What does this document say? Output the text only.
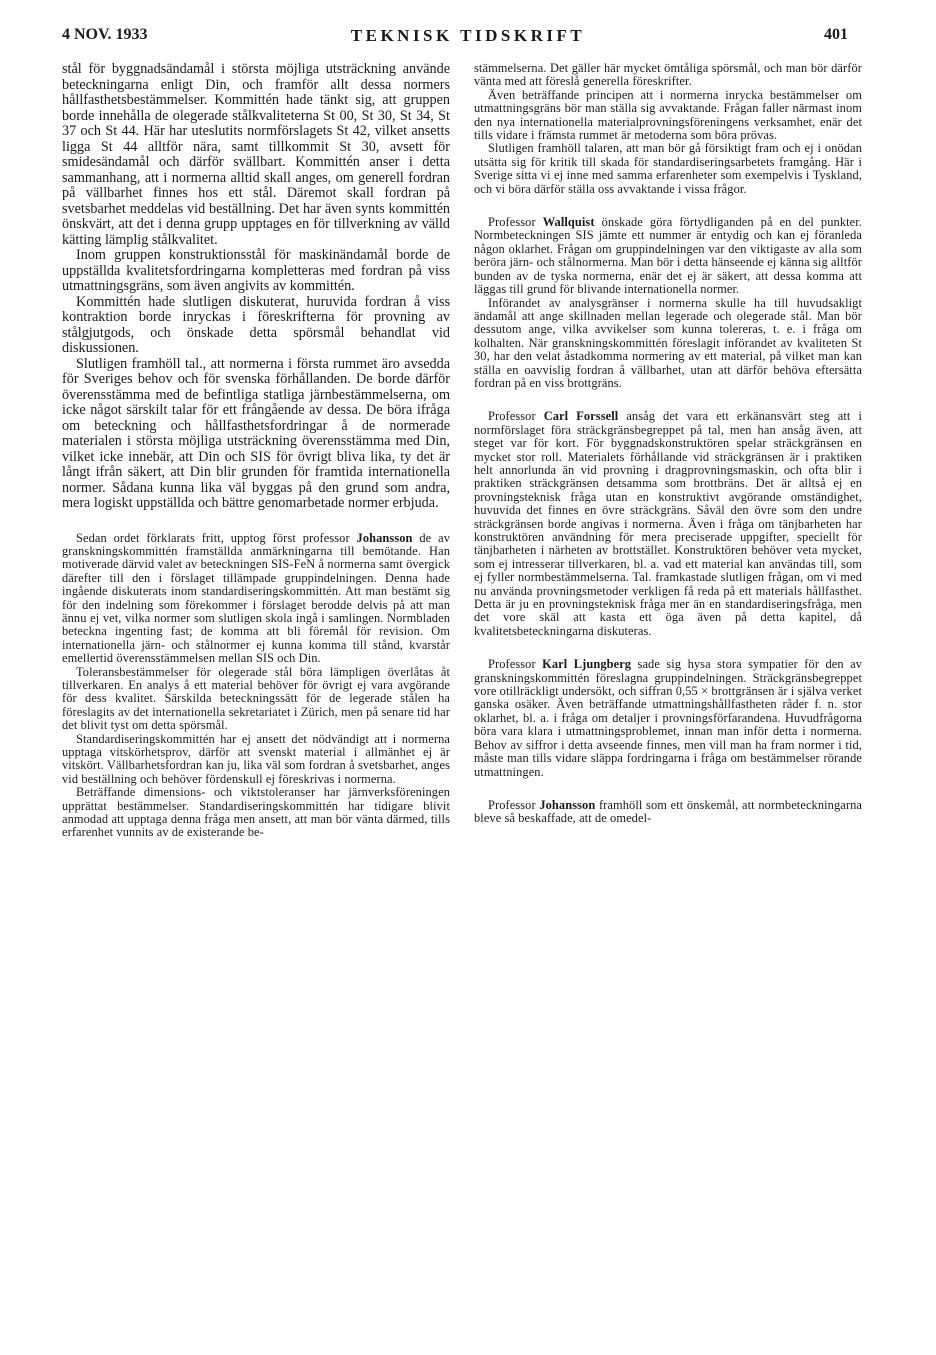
4 NOV. 1933	TEKNISK TIDSKRIFT	401

stål för byggnadsändamål i största möjliga utsträckning använde beteckningarna enligt Din, och framför allt dessa normers hållfasthetsbestämmelser. Kommittén hade tänkt sig, att gruppen borde innehålla de olegerade stålkvaliteterna St 00, St 30, St 34, St 37 och St 44. Här har uteslutits normförslagets St 42, vilket ansetts ligga St 44 alltför nära, samt tillkommit St 30, avsett för smidesändamål och därför svällbart. Kommittén anser i detta sammanhang, att i normerna alltid skall anges, om generell fordran på vällbarhet finnes hos ett stål. Däremot skall fordran på svetsbarhet meddelas vid beställning. Det har även synts kommittén önskvärt, att det i denna grupp upptages en för tillverkning av välld kätting lämplig stålkvalitet.

Inom gruppen konstruktionsstål för maskinändamål borde de uppställda kvalitetsfordringarna kompletteras med fordran på viss utmattningsgräns, som även angivits av kommittén.

Kommittén hade slutligen diskuterat, huruvida fordran å viss kontraktion borde inryckas i föreskrifterna för provning av stålgjutgods, och önskade detta spörsmål behandlat vid diskussionen.

Slutligen framhöll tal., att normerna i första rummet äro avsedda för Sveriges behov och för svenska förhållanden. De borde därför överensstämma med de befintliga statliga järnbestämmelserna, om icke något särskilt talar för ett frångående av dessa. De böra ifråga om beteckning och hållfasthetsfordringar å de normerade materialen i största möjliga utsträckning överensstämma med Din, vilket icke innebär, att Din och SIS för övrigt bliva lika, ty det är långt ifrån säkert, att Din blir grunden för framtida internationella normer. Sådana kunna lika väl byggas på den grund som andra, mera logiskt uppställda och bättre genomarbetade normer erbjuda.

Sedan ordet förklarats fritt, upptog först professor Johansson de av granskningskommittén framställda anmärkningarna till bemötande. Han motiverade därvid valet av beteckningen SIS-FeN å normerna samt övergick därefter till den i förslaget tillämpade gruppindelningen. Denna hade ingående diskuterats inom standardiseringskommittén. Att man bestämt sig för den indelning som förekommer i förslaget berodde delvis på att man ännu ej vet, vilka normer som slutligen skola ingå i samlingen. Normbladen beteckna ingenting fast; de komma att bli föremål för revision. Om internationella järn- och stålnormer ej kunna komma till stånd, kvarstår emellertid överensstämmelsen mellan SIS och Din.

Toleransbestämmelser för olegerade stål böra lämpligen överlåtas åt tillverkaren. En analys å ett material behöver för övrigt ej vara avgörande för dess kvalitet. Särskilda beteckningssätt för de legerade stålen ha föreslagits av det internationella sekretariatet i Zürich, men på senare tid har det blivit tyst om detta spörsmål.

Standardiseringskommittén har ej ansett det nödvändigt att i normerna upptaga vitskörhetsprov, därför att svenskt material i allmänhet ej är vitskört. Vällbarhetsfordran kan ju, lika väl som fordran å svetsbarhet, anges vid beställning och behöver fördenskull ej föreskrivas i normerna.

Beträffande dimensions- och viktstoleranser har järnverksföreningen upprättat bestämmelser. Standardiseringskommittén har tidigare blivit anmodad att upptaga denna fråga men ansett, att man bör vänta därmed, tills erfarenhet vunnits av de existerande be-

stämmelserna. Det gäller här mycket ömtåliga spörsmål, och man bör därför vänta med att föreslå generella föreskrifter.

Även beträffande principen att i normerna inrycka bestämmelser om utmattningsgräns bör man ställa sig avvaktande. Frågan faller närmast inom den nya internationella materialprovningsföreningens verksamhet, enär det tills vidare i främsta rummet är metoderna som böra prövas.

Slutligen framhöll talaren, att man bör gå försiktigt fram och ej i onödan utsätta sig för kritik till skada för standardiseringsarbetets framgång. Här i Sverige sitta vi ej inne med samma erfarenheter som exempelvis i Tyskland, och vi böra därför ställa oss avvaktande i vissa frågor.

Professor Wallquist önskade göra förtydliganden på en del punkter. Normbeteckningen SIS jämte ett nummer är entydig och kan ej föranleda någon oklarhet. Frågan om gruppindelningen var den viktigaste av alla som beröra järn- och stålnormerna. Man bör i detta hänseende ej känna sig alltför bunden av de tyska normerna, enär det ej är säkert, att dessa komma att läggas till grund för blivande internationella normer.

Införandet av analysgränser i normerna skulle ha till huvudsakligt ändamål att ange skillnaden mellan legerade och olegerade stål. Man bör dessutom ange, vilka avvikelser som kunna tolereras, t. e. i fråga om kolhalten. När granskningskommittén föreslagit införandet av kvaliteten St 30, har den velat åstadkomma normering av ett material, på vilket man kan ställa en oavvislig fordran å vällbarhet, utan att därför behöva eftersätta fordran på en viss brottgräns.

Professor Carl Forssell ansåg det vara ett erkänansvärt steg att i normförslaget föra sträckgränsbegreppet på tal, men han ansåg även, att steget var för kort. För byggnadskonstruktören spelar sträckgränsen en mycket stor roll. Materialets förhållande vid sträckgränsen är i praktiken helt annorlunda än vid provning i dragprovningsmaskin, och ofta blir i praktiken sträckgränsen detsamma som brottbräns. Det är alltså ej en provningsteknisk fråga utan en konstruktivt avgörande omständighet, huvuvida det finnes en övre sträckgräns. Såväl den övre som den undre sträckgränsen borde angivas i normerna. Även i fråga om tänjbarheten har konstruktören användning för mera preciserade uppgifter, speciellt för tänjbarheten i närheten av brottstället. Konstruktören behöver veta mycket, som ej intresserar tillverkaren, bl. a. vad ett material kan användas till, som ej fyller normbestämmelserna. Tal. framkastade slutligen frågan, om vi med nu använda provningsmetoder verkligen få reda på ett materials hållfasthet. Detta är ju en provningsteknisk fråga mer än en standardiseringsfråga, men det vore skäl att kasta ett öga även på detta kapitel, då kvalitetsbeteckningarna diskuteras.

Professor Karl Ljungberg sade sig hysa stora sympatier för den av granskningskommittén föreslagna gruppindelningen. Sträckgränsbegreppet vore otillräckligt undersökt, och siffran 0,55 × brottgränsen är i själva verket ganska osäker. Även beträffande utmattningshållfastheten råder f. n. stor oklarhet, bl. a. i fråga om detaljer i provningsförfarandena. Huvudfrågorna böra vara klara i utmattningsproblemet, innan man inför detta i normerna. Behov av siffror i detta avseende finnes, men vill man ha fram normer i tid, måste man tills vidare släppa fordringarna i fråga om bestämmelser rörande utmattningen.

Professor Johansson framhöll som ett önskemål, att normbeteckningarna bleve så beskaffade, att de omedel-
